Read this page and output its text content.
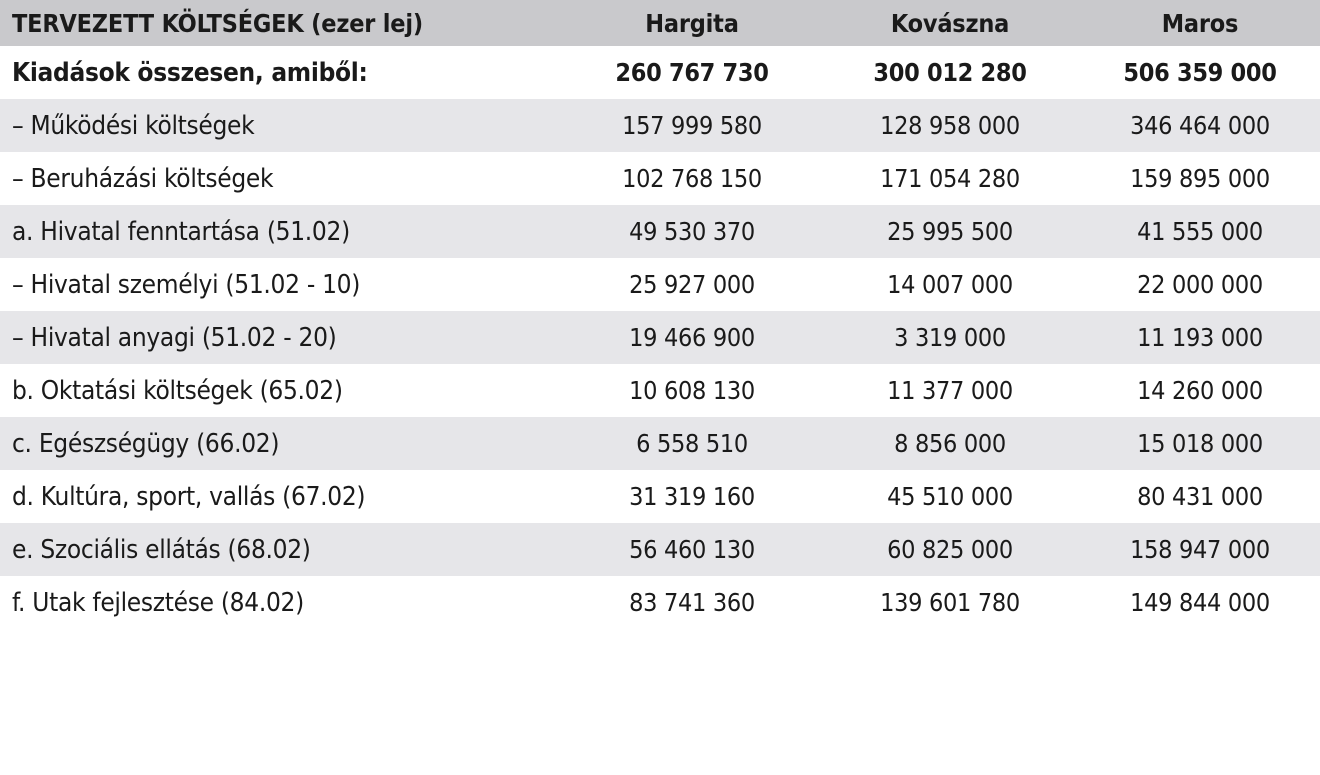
TERVEZETT KÖLTSÉGEK (ezer lej)	Hargita	Kovászna	Maros
Kiadások összesen, amiből:	260 767 730	300 012 280	506 359 000
– Működési költségek	157 999 580	128 958 000	346 464 000
– Beruházási költségek	102 768 150	171 054 280	159 895 000
a. Hivatal fenntartása (51.02)	49 530 370	25 995 500	41 555 000
– Hivatal személyi (51.02 - 10)	25 927 000	14 007 000	22 000 000
– Hivatal anyagi (51.02 - 20)	19 466 900	3 319 000	11 193 000
b. Oktatási költségek (65.02)	10 608 130	11 377 000	14 260 000
c. Egészségügy (66.02)	6 558 510	8 856 000	15 018 000
d. Kultúra, sport, vallás (67.02)	31 319 160	45 510 000	80 431 000
e. Szociális ellátás (68.02)	56 460 130	60 825 000	158 947 000
f. Utak fejlesztése (84.02)	83 741 360	139 601 780	149 844 000
